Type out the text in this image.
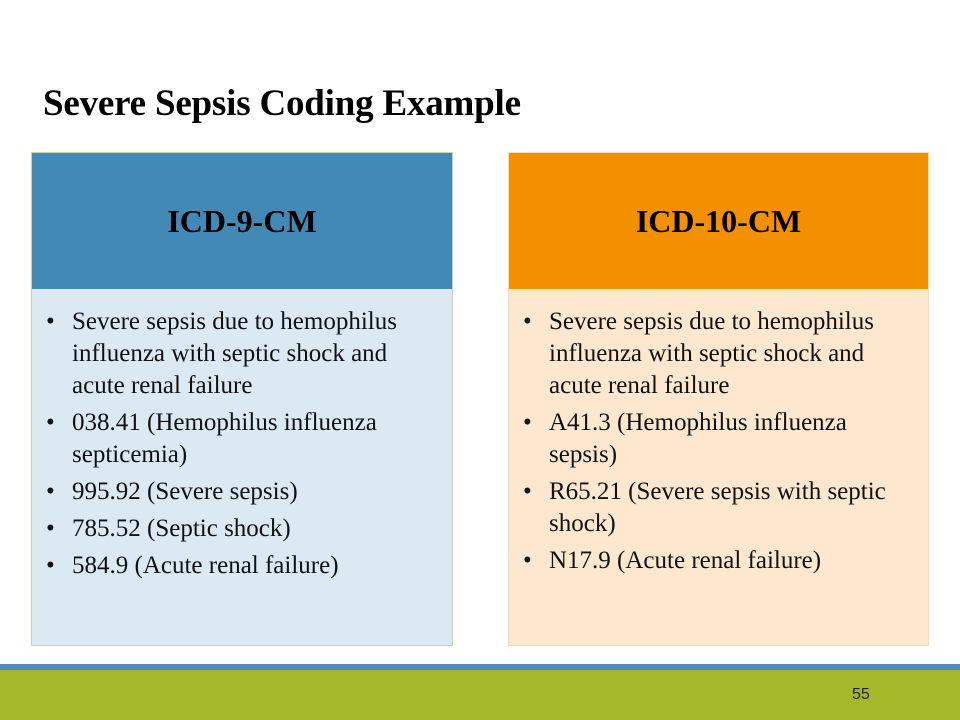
Severe Sepsis Coding Example
ICD-9-CM
• Severe sepsis due to hemophilus influenza with septic shock and acute renal failure
• 038.41 (Hemophilus influenza septicemia)
• 995.92 (Severe sepsis)
• 785.52 (Septic shock)
• 584.9 (Acute renal failure)
ICD-10-CM
• Severe sepsis due to hemophilus influenza with septic shock and acute renal failure
• A41.3 (Hemophilus influenza sepsis)
• R65.21 (Severe sepsis with septic shock)
• N17.9 (Acute renal failure)
55
